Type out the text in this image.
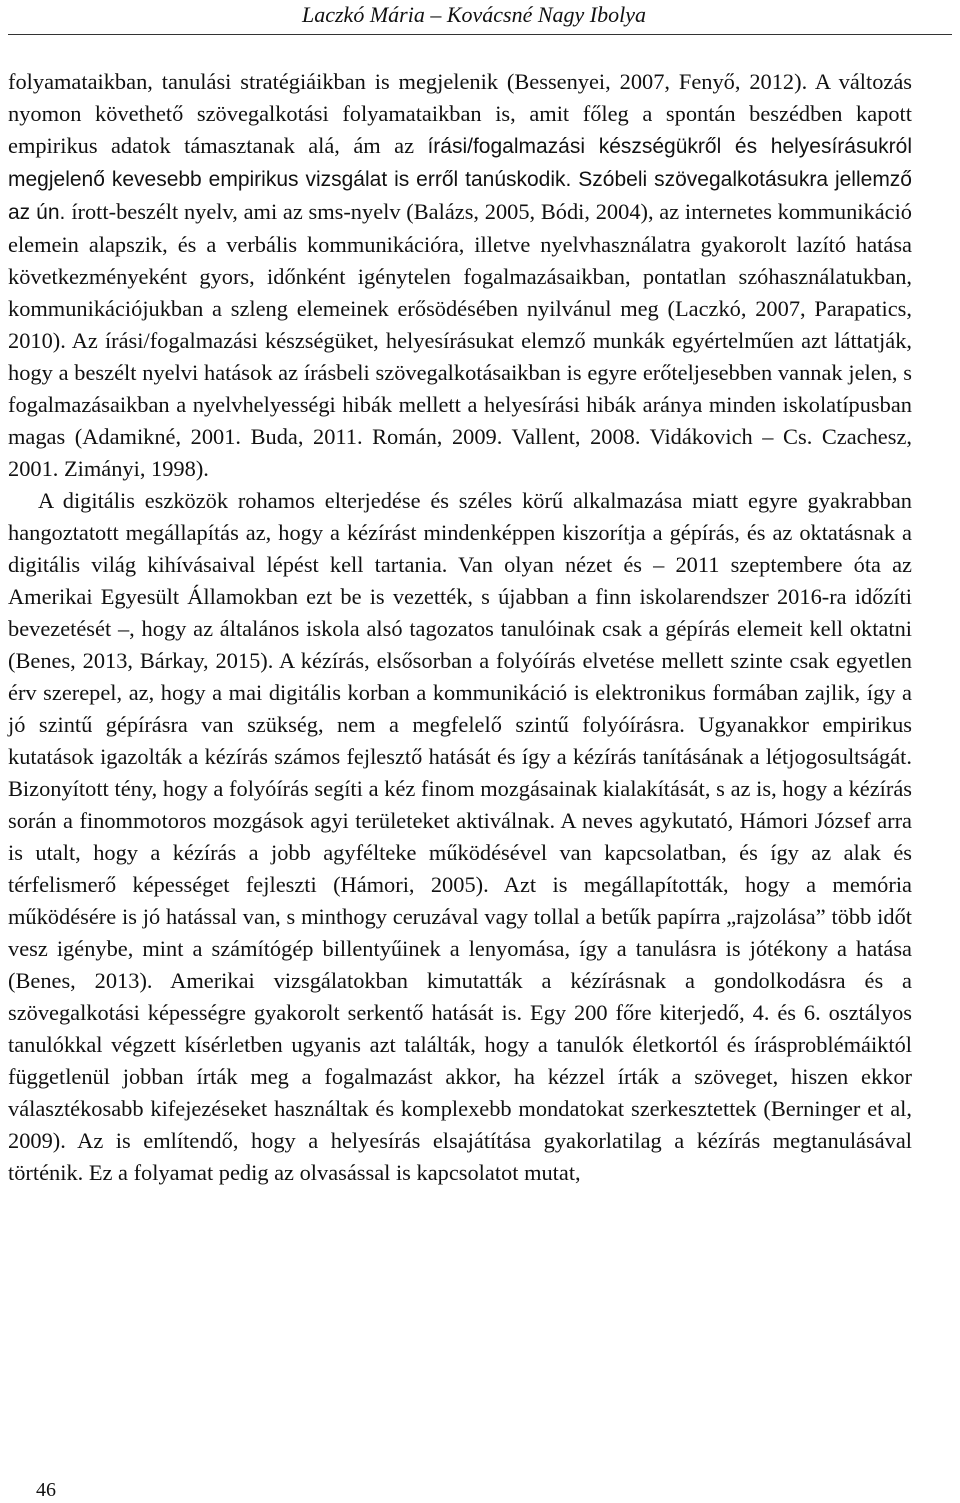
Laczkó Mária – Kovácsné Nagy Ibolya

folyamataikban, tanulási stratégiáikban is megjelenik (Bessenyei, 2007, Fenyő, 2012). A változás nyomon követhető szövegalkotási folyamataikban is, amit főleg a spontán beszédben kapott empirikus adatok támasztanak alá, ám az írási/fogalmazási készségükről és helyesírásukról megjelenő kevesebb empirikus vizsgálat is erről tanúskodik. Szóbeli szövegalkotásukra jellemző az ún. írott-beszélt nyelv, ami az sms-nyelv (Balázs, 2005, Bódi, 2004), az internetes kommunikáció elemein alapszik, és a verbális kommunikációra, illetve nyelvhasználatra gyakorolt lazító hatása következményeként gyors, időnként igénytelen fogalmazásaikban, pontatlan szóhasználatukban, kommunikációjukban a szleng elemeinek erősödésében nyilvánul meg (Laczkó, 2007, Parapatics, 2010). Az írási/fogalmazási készségüket, helyesírásukat elemző munkák egyértelműen azt láttatják, hogy a beszélt nyelvi hatások az írásbeli szövegalkotásaikban is egyre erőteljesebben vannak jelen, s fogalmazásaikban a nyelvhelyességi hibák mellett a helyesírási hibák aránya minden iskolatípusban magas (Adamikné, 2001. Buda, 2011. Román, 2009. Vallent, 2008. Vidákovich – Cs. Czachesz, 2001. Zimányi, 1998).

A digitális eszközök rohamos elterjedése és széles körű alkalmazása miatt egyre gyakrabban hangoztatott megállapítás az, hogy a kézírást mindenképpen kiszorítja a gépírás, és az oktatásnak a digitális világ kihívásaival lépést kell tartania. Van olyan nézet és – 2011 szeptembere óta az Amerikai Egyesült Államokban ezt be is vezették, s újabban a finn iskolarendszer 2016-ra időzíti bevezetését –, hogy az általános iskola alsó tagozatos tanulóinak csak a gépírás elemeit kell oktatni (Benes, 2013, Bárkay, 2015). A kézírás, elsősorban a folyóírás elvetése mellett szinte csak egyetlen érv szerepel, az, hogy a mai digitális korban a kommunikáció is elektronikus formában zajlik, így a jó szintű gépírásra van szükség, nem a megfelelő szintű folyóírásra. Ugyanakkor empirikus kutatások igazolták a kézírás számos fejlesztő hatását és így a kézírás tanításának a létjogosultságát. Bizonyított tény, hogy a folyóírás segíti a kéz finom mozgásainak kialakítását, s az is, hogy a kézírás során a finommotoros mozgások agyi területeket aktiválnak. A neves agykutató, Hámori József arra is utalt, hogy a kézírás a jobb agyféltеke működésével van kapcsolatban, és így az alak és térfelismerő képességet fejleszti (Hámori, 2005). Azt is megállapították, hogy a memória működésére is jó hatással van, s minthogy ceruzával vagy tollal a betűk papírra „rajzolása” több időt vesz igénybe, mint a számítógép billentyűinek a lenyomása, így a tanulásra is jótékony a hatása (Benes, 2013). Amerikai vizsgálatokban kimutatták a kézírásnak a gondolkodásra és a szövegalkotási képességre gyakorolt serkentő hatását is. Egy 200 főre kiterjedő, 4. és 6. osztályos tanulókkal végzett kísérletben ugyanis azt találták, hogy a tanulók életkortól és írásproblémáiktól függetlenül jobban írták meg a fogalmazást akkor, ha kézzel írták a szöveget, hiszen ekkor választékosabb kifejezéseket használtak és komplexebb mondatokat szerkesztettek (Berninger et al, 2009). Az is említendő, hogy a helyesírás elsajátítása gyakorlatilag a kézírás megtanulásával történik. Ez a folyamat pedig az olvasással is kapcsolatot mutat,

46
